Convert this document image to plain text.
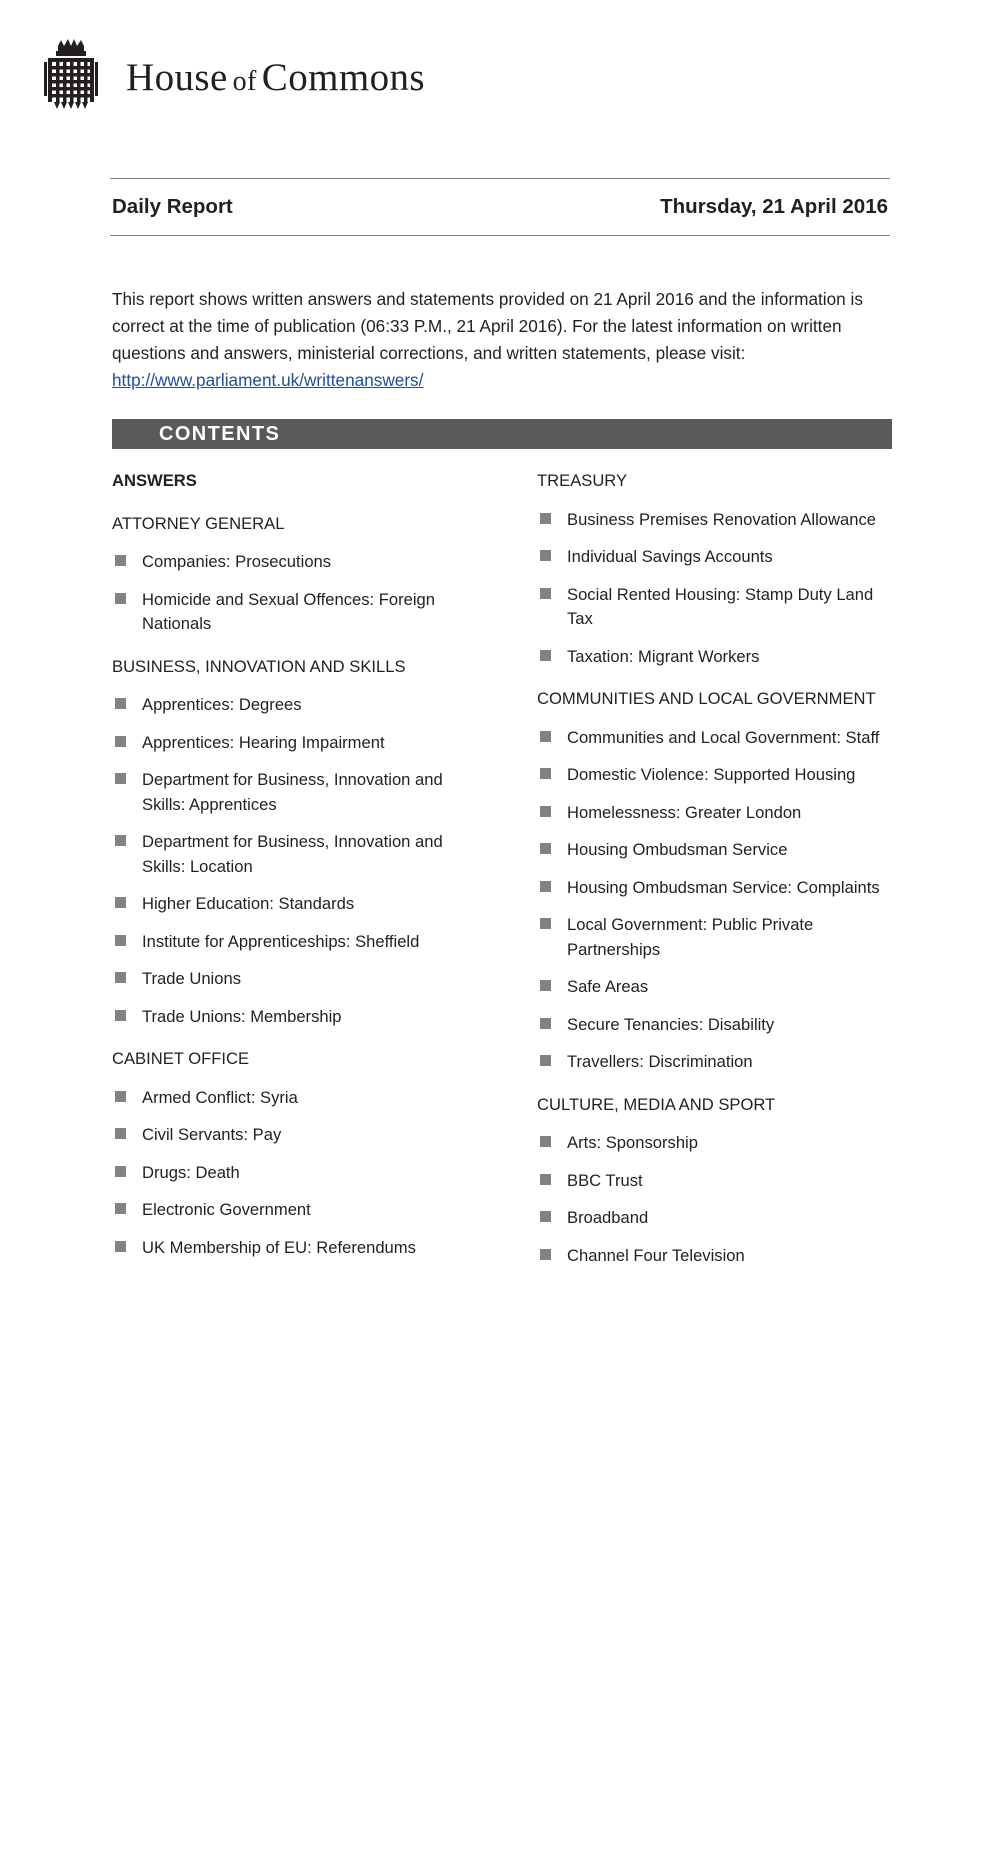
House of Commons
Daily Report	Thursday, 21 April 2016
This report shows written answers and statements provided on 21 April 2016 and the information is correct at the time of publication (06:33 P.M., 21 April 2016). For the latest information on written questions and answers, ministerial corrections, and written statements, please visit: http://www.parliament.uk/writtenanswers/
CONTENTS
ANSWERS
ATTORNEY GENERAL
Companies: Prosecutions
Homicide and Sexual Offences: Foreign Nationals
BUSINESS, INNOVATION AND SKILLS
Apprentices: Degrees
Apprentices: Hearing Impairment
Department for Business, Innovation and Skills: Apprentices
Department for Business, Innovation and Skills: Location
Higher Education: Standards
Institute for Apprenticeships: Sheffield
Trade Unions
Trade Unions: Membership
CABINET OFFICE
Armed Conflict: Syria
Civil Servants: Pay
Drugs: Death
Electronic Government
UK Membership of EU: Referendums
TREASURY
Business Premises Renovation Allowance
Individual Savings Accounts
Social Rented Housing: Stamp Duty Land Tax
Taxation: Migrant Workers
COMMUNITIES AND LOCAL GOVERNMENT
Communities and Local Government: Staff
Domestic Violence: Supported Housing
Homelessness: Greater London
Housing Ombudsman Service
Housing Ombudsman Service: Complaints
Local Government: Public Private Partnerships
Safe Areas
Secure Tenancies: Disability
Travellers: Discrimination
CULTURE, MEDIA AND SPORT
Arts: Sponsorship
BBC Trust
Broadband
Channel Four Television
